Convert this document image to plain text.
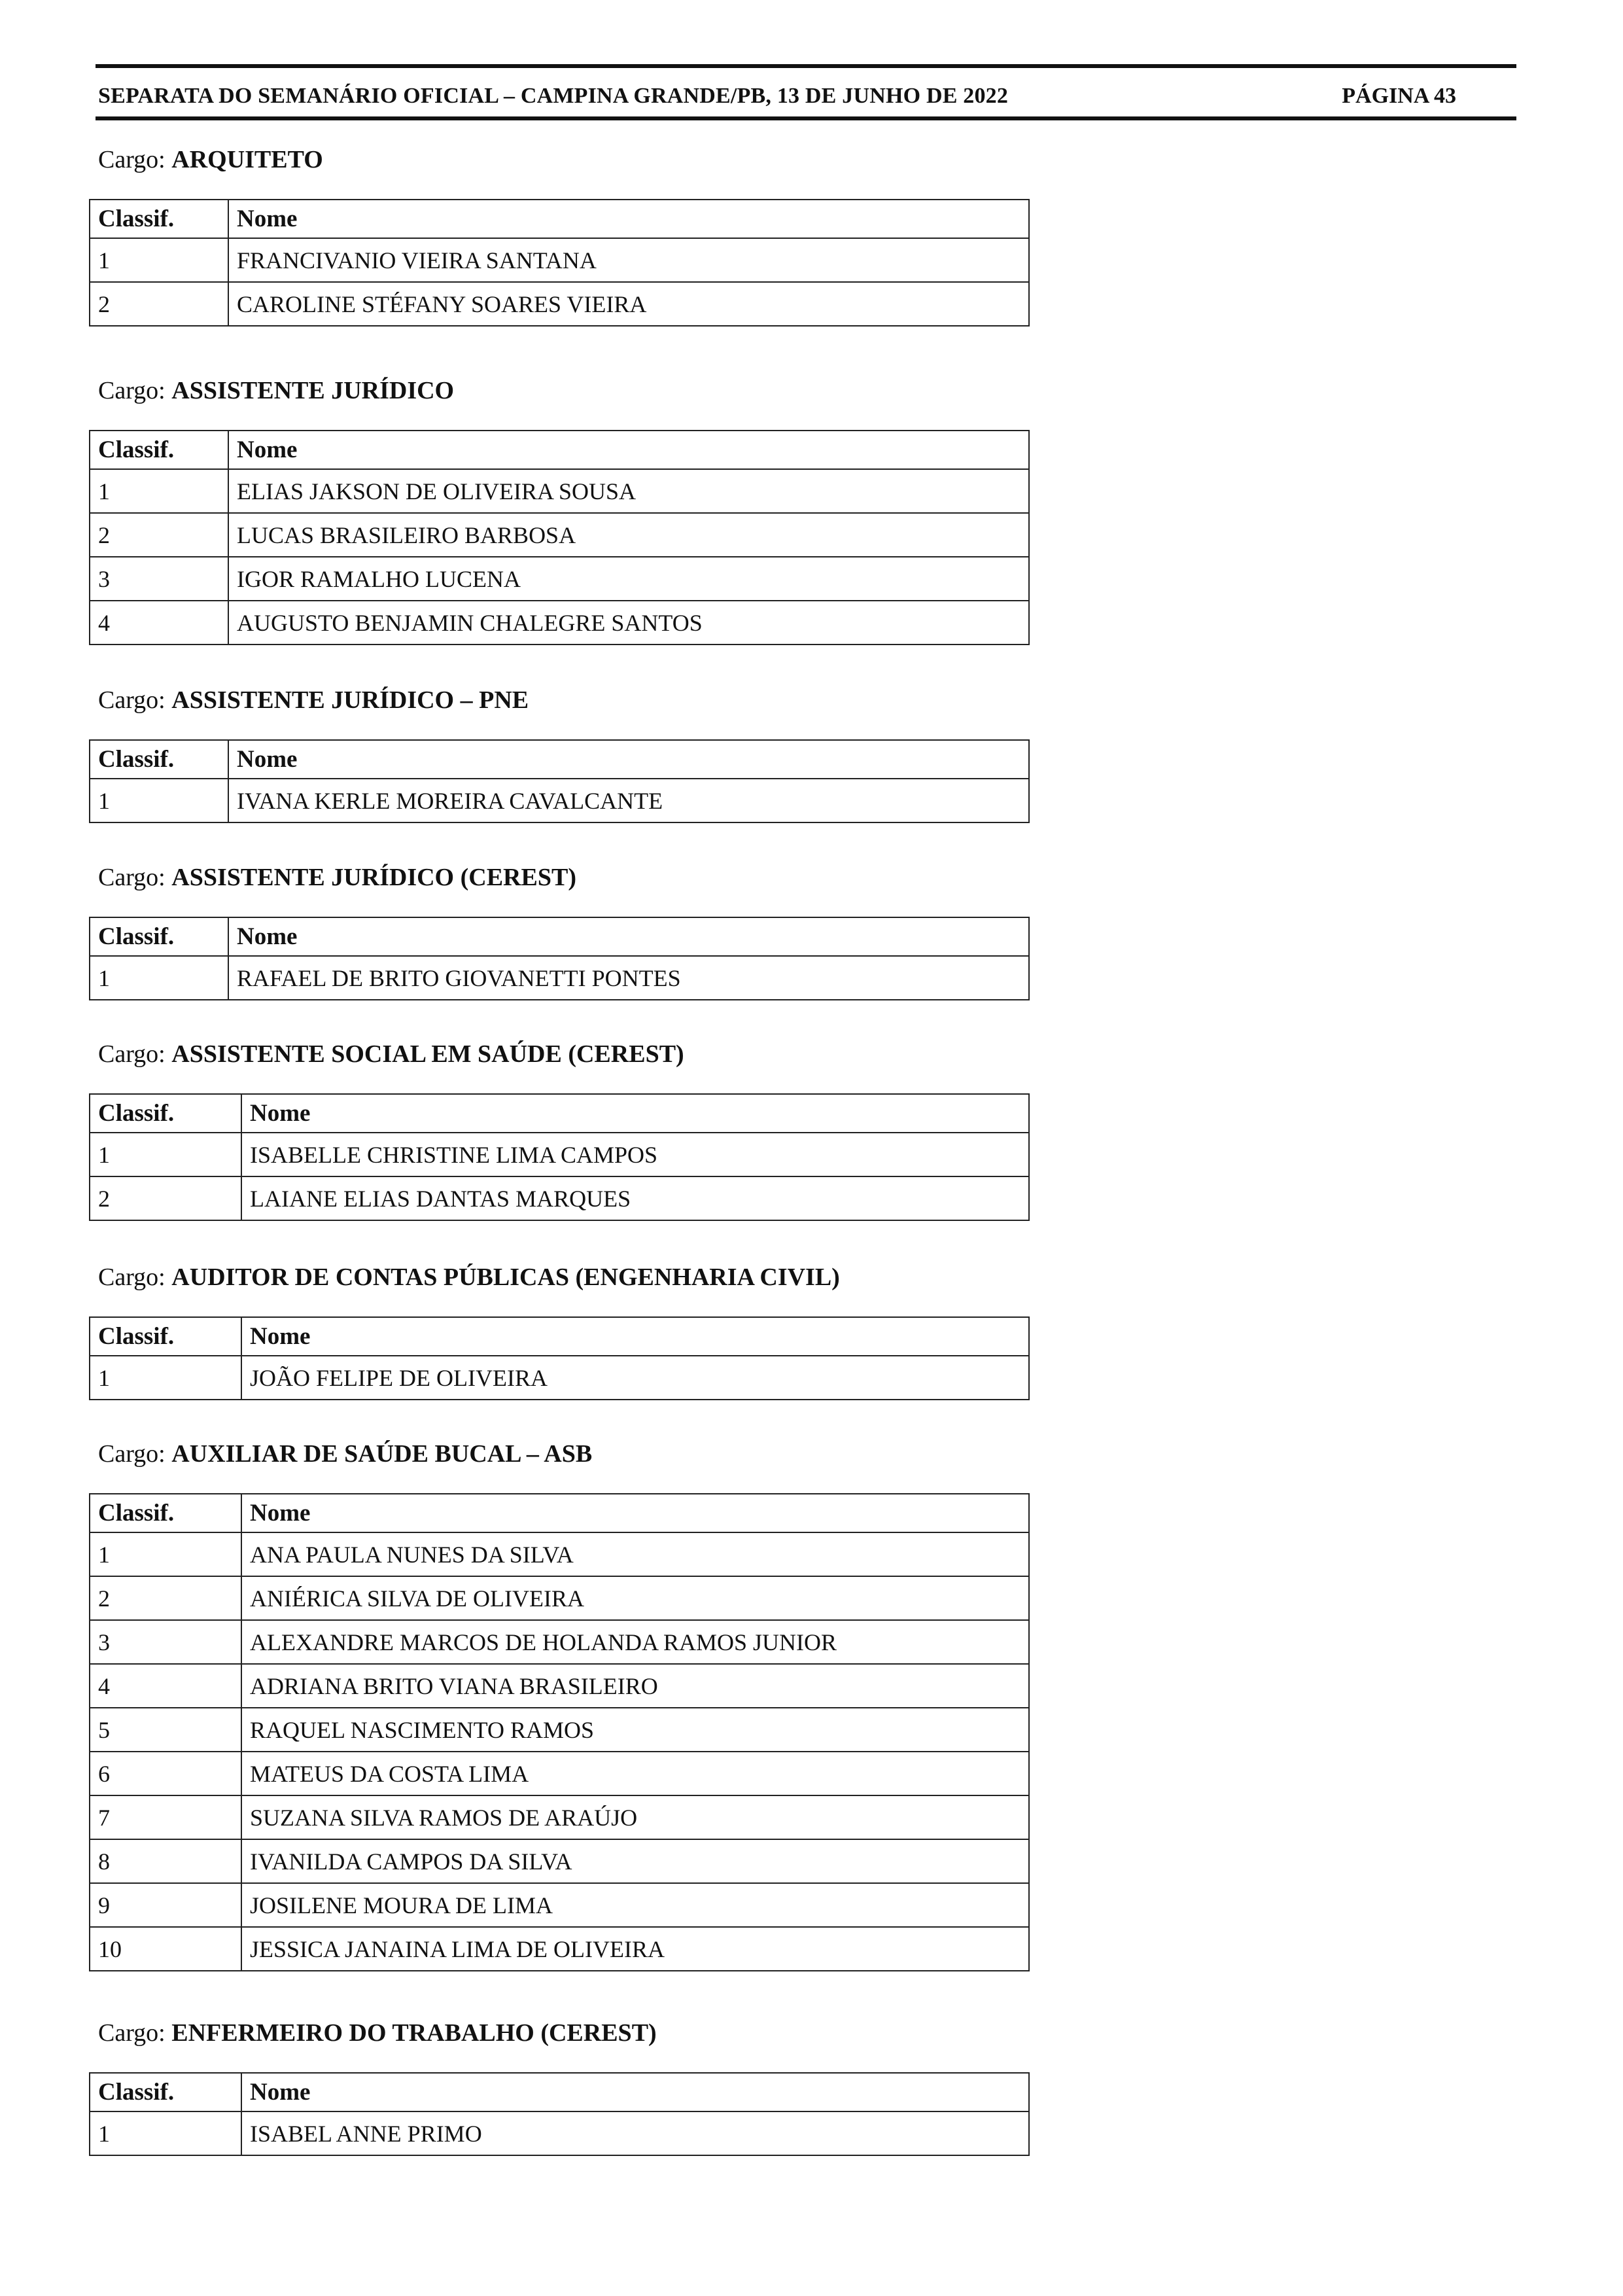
SEPARATA DO SEMANÁRIO OFICIAL – CAMPINA GRANDE/PB, 13 DE JUNHO DE 2022	PÁGINA 43
Cargo: ARQUITETO
Classif.	Nome
1	FRANCIVANIO VIEIRA SANTANA
2	CAROLINE STÉFANY SOARES VIEIRA
Cargo: ASSISTENTE JURÍDICO
Classif.	Nome
1	ELIAS JAKSON DE OLIVEIRA SOUSA
2	LUCAS BRASILEIRO BARBOSA
3	IGOR RAMALHO LUCENA
4	AUGUSTO BENJAMIN CHALEGRE SANTOS
Cargo: ASSISTENTE JURÍDICO – PNE
Classif.	Nome
1	IVANA KERLE MOREIRA CAVALCANTE
Cargo: ASSISTENTE JURÍDICO (CEREST)
Classif.	Nome
1	RAFAEL DE BRITO GIOVANETTI PONTES
Cargo: ASSISTENTE SOCIAL EM SAÚDE (CEREST)
Classif.	Nome
1	ISABELLE CHRISTINE LIMA CAMPOS
2	LAIANE ELIAS DANTAS MARQUES
Cargo: AUDITOR DE CONTAS PÚBLICAS (ENGENHARIA CIVIL)
Classif.	Nome
1	JOÃO FELIPE DE OLIVEIRA
Cargo: AUXILIAR DE SAÚDE BUCAL – ASB
Classif.	Nome
1	ANA PAULA NUNES DA SILVA
2	ANIÉRICA SILVA DE OLIVEIRA
3	ALEXANDRE MARCOS DE HOLANDA RAMOS JUNIOR
4	ADRIANA BRITO VIANA BRASILEIRO
5	RAQUEL NASCIMENTO RAMOS
6	MATEUS DA COSTA LIMA
7	SUZANA SILVA RAMOS DE ARAÚJO
8	IVANILDA CAMPOS DA SILVA
9	JOSILENE MOURA DE LIMA
10	JESSICA JANAINA LIMA DE OLIVEIRA
Cargo: ENFERMEIRO DO TRABALHO (CEREST)
Classif.	Nome
1	ISABEL ANNE PRIMO
